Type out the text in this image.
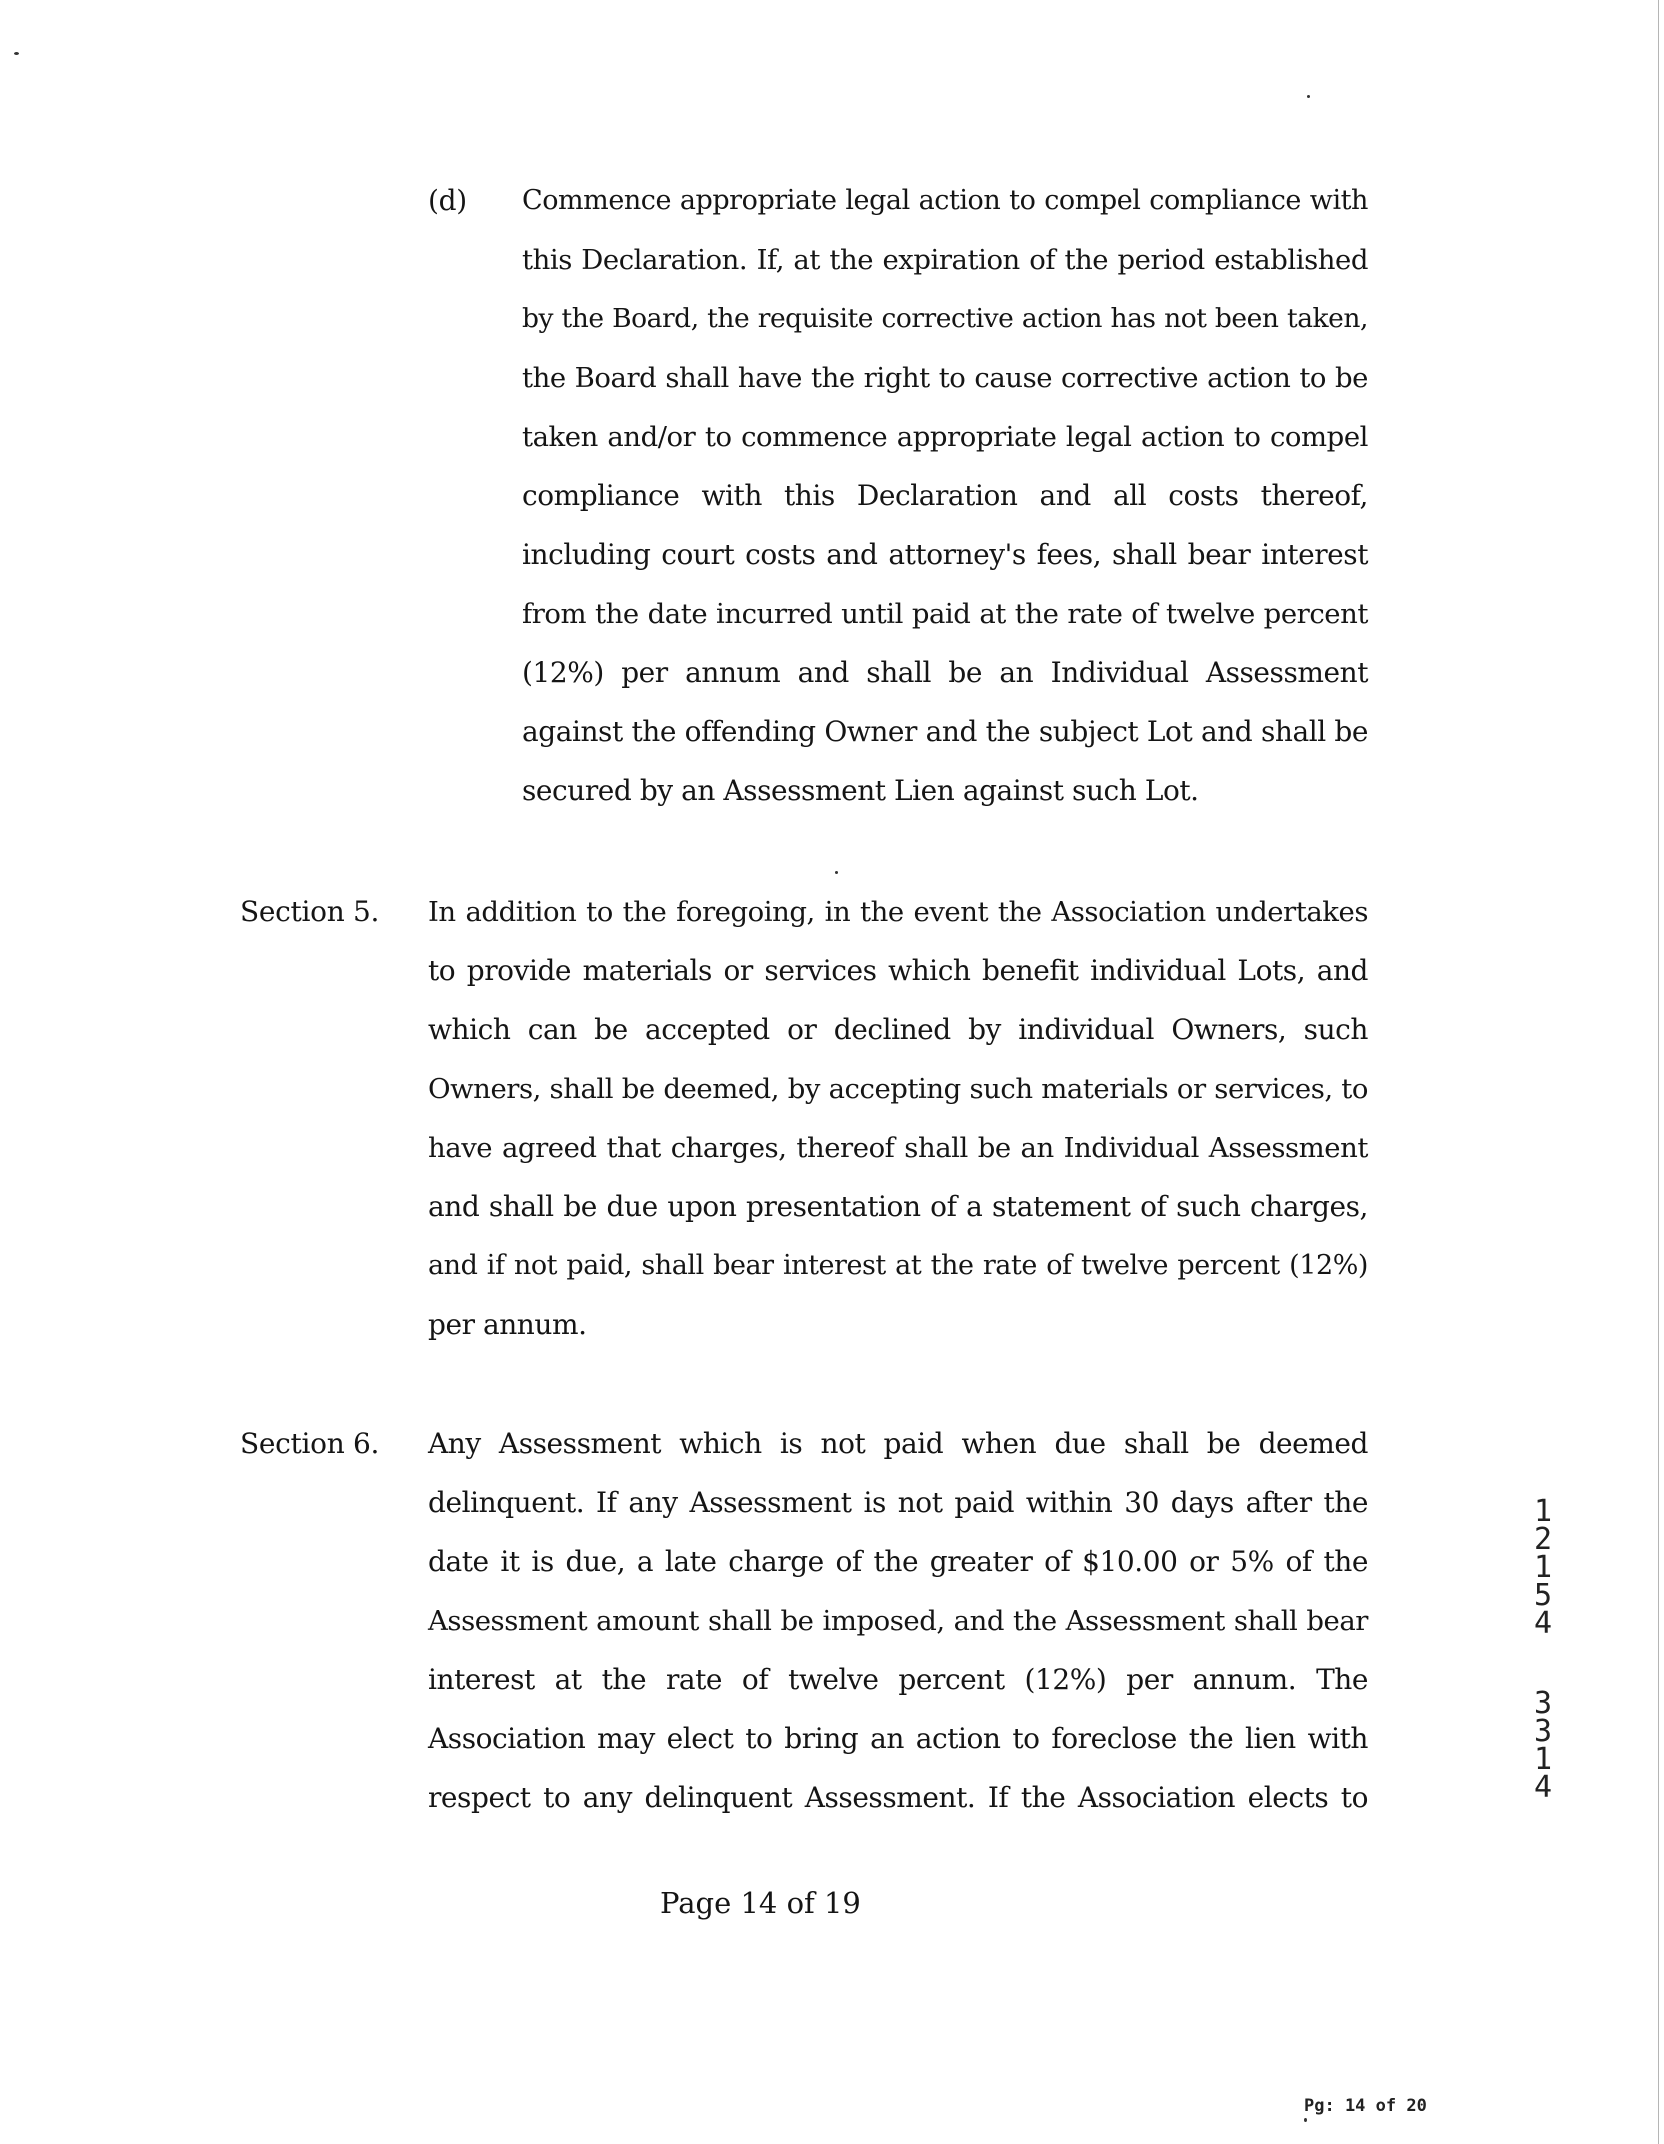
(d) Commence appropriate legal action to compel compliance with

this Declaration. If, at the expiration of the period established

by the Board, the requisite corrective action has not been taken,

the Board shall have the right to cause corrective action to be

taken and/or to commence appropriate legal action to compel

compliance with this Declaration and all costs thereof,

including court costs and attorney's fees, shall bear interest

from the date incurred until paid at the rate of twelve percent

(12%) per annum and shall be an Individual Assessment

against the offending Owner and the subject Lot and shall be

secured by an Assessment Lien against such Lot.

Section 5. In addition to the foregoing, in the event the Association undertakes

to provide materials or services which benefit individual Lots, and

which can be accepted or declined by individual Owners, such

Owners, shall be deemed, by accepting such materials or services, to

have agreed that charges, thereof shall be an Individual Assessment

and shall be due upon presentation of a statement of such charges,

and if not paid, shall bear interest at the rate of twelve percent (12%)

per annum.

Section 6. Any Assessment which is not paid when due shall be deemed

delinquent. If any Assessment is not paid within 30 days after the

date it is due, a late charge of the greater of $10.00 or 5% of the

Assessment amount shall be imposed, and the Assessment shall bear

interest at the rate of twelve percent (12%) per annum. The

Association may elect to bring an action to foreclose the lien with

respect to any delinquent Assessment. If the Association elects to

Page 14 of 19
1
2
1
5
4
3
3
1
4
Pg: 14 of 20
